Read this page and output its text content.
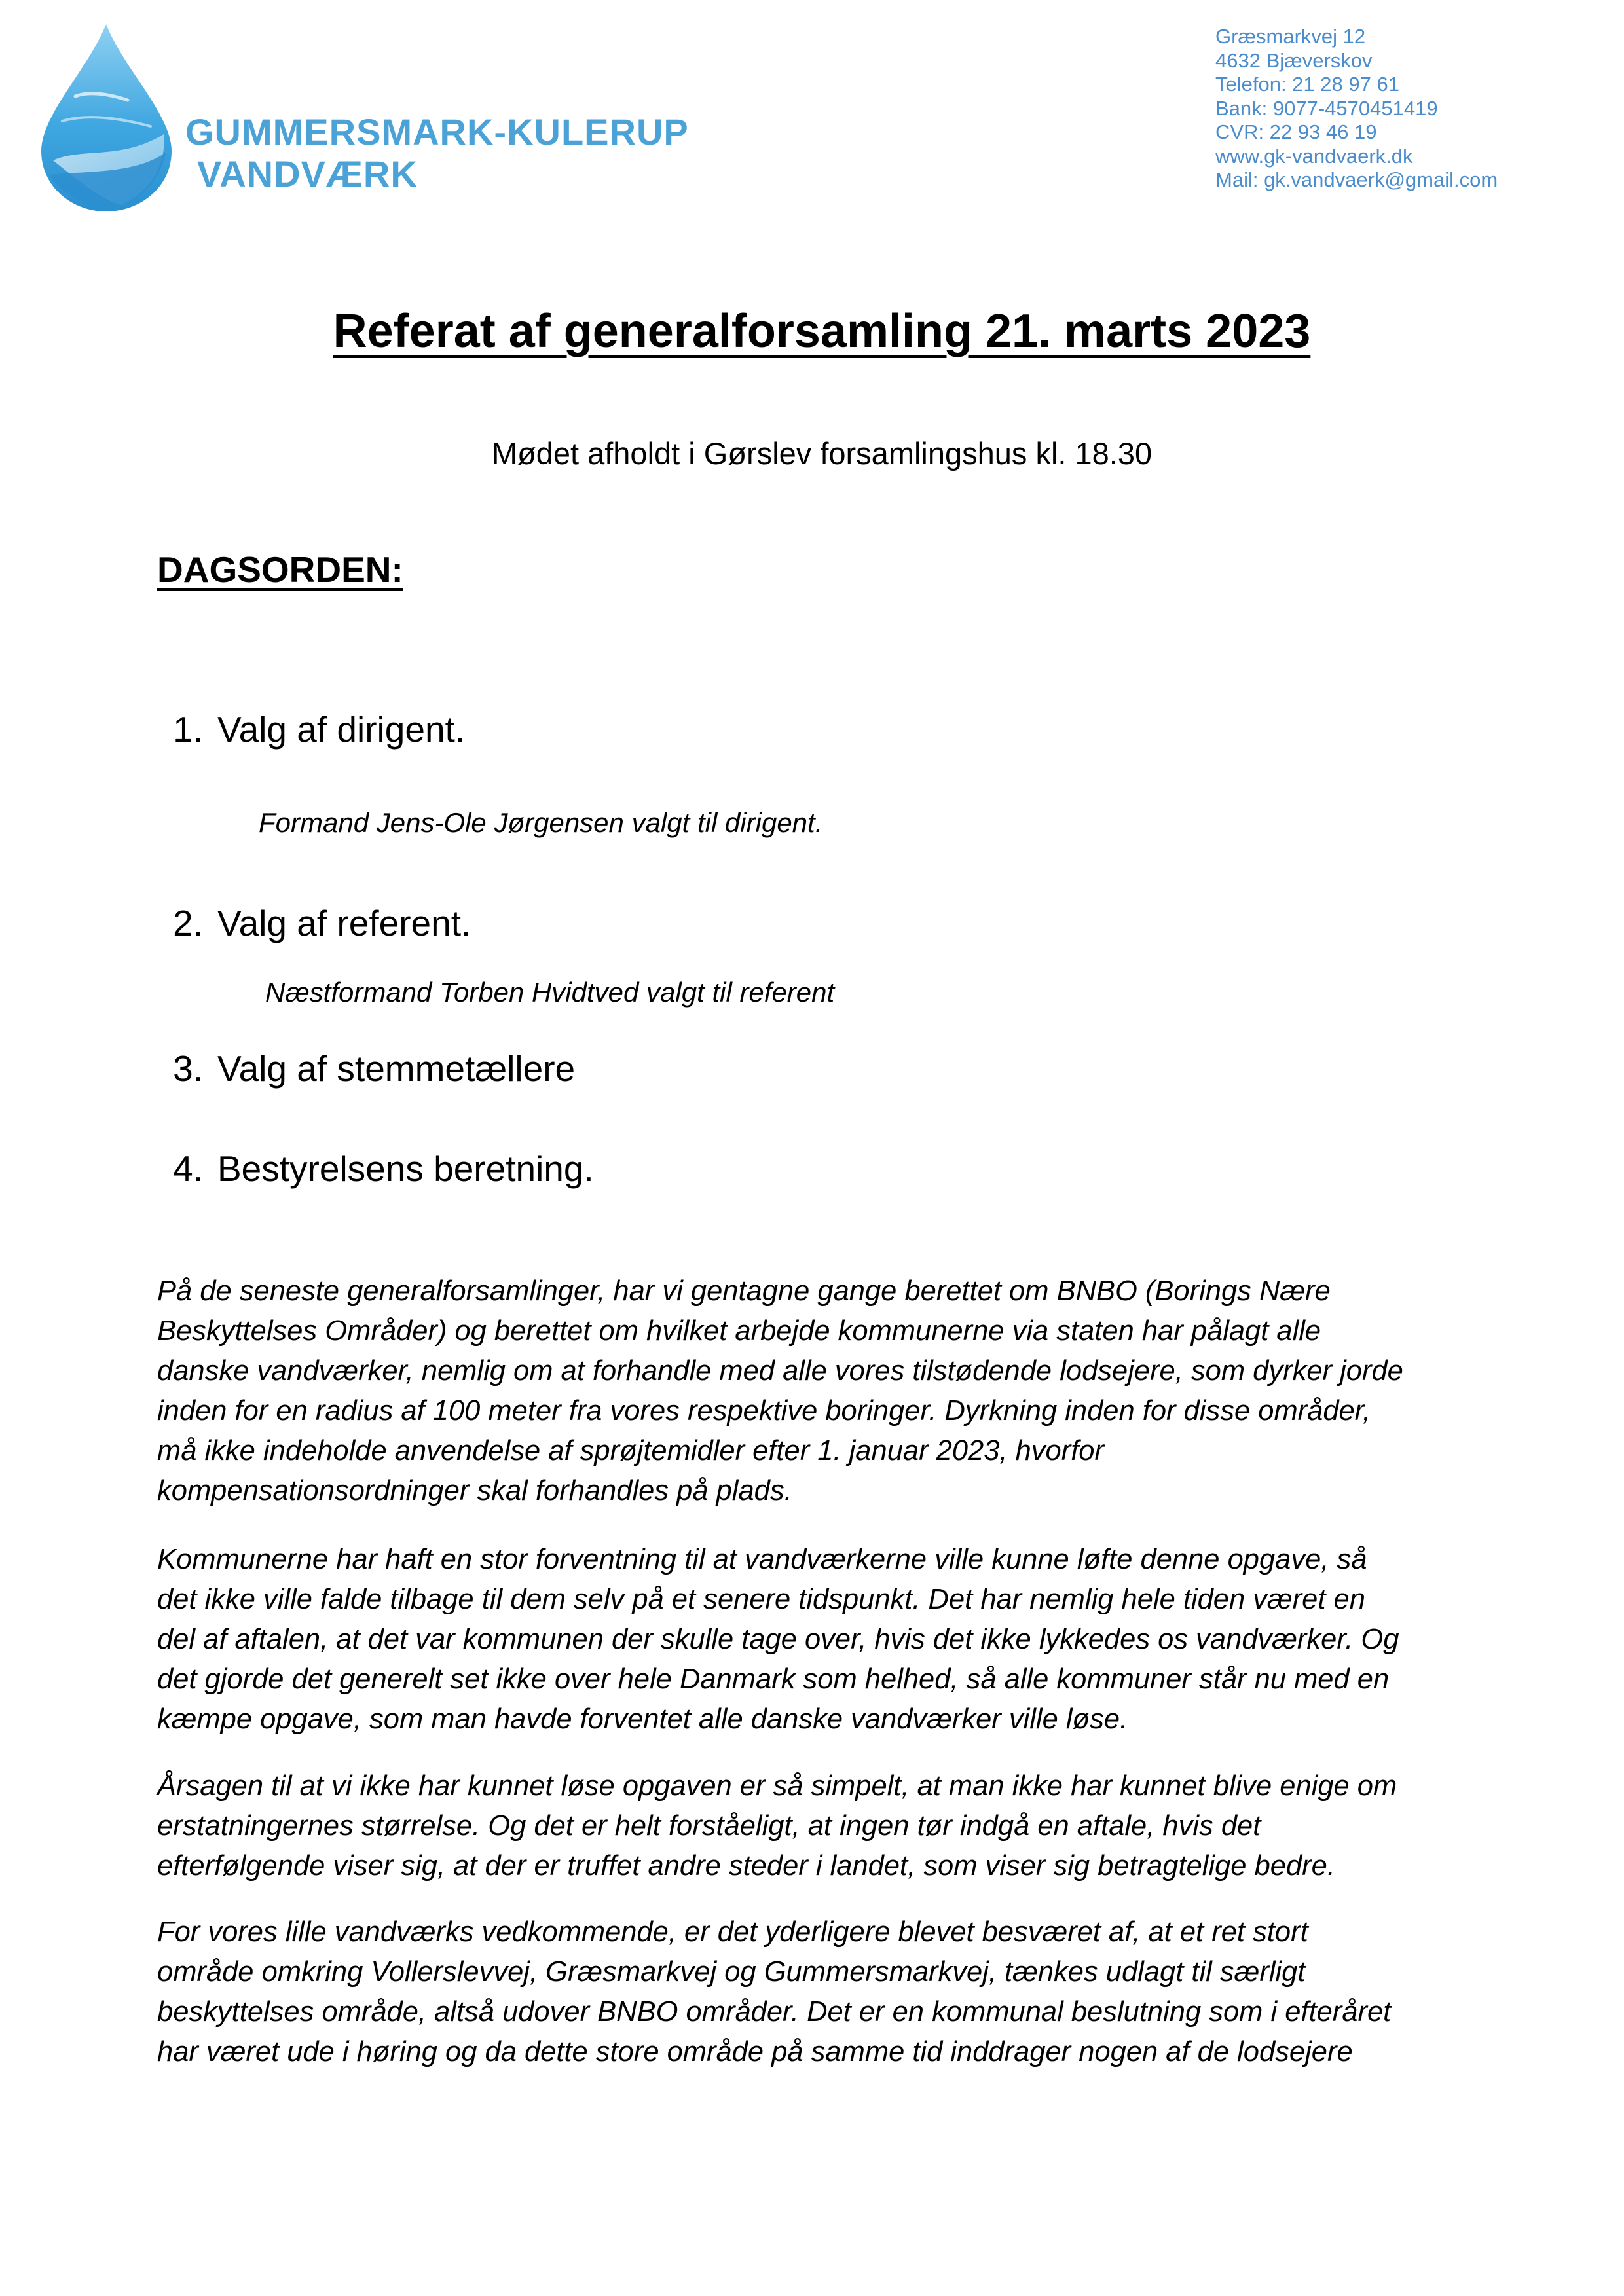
GUMMERSMARK-KULERUP
VANDVÆRK
Græsmarkvej 12
4632 Bjæverskov
Telefon: 21 28 97 61
Bank: 9077-4570451419
CVR: 22 93 46 19
www.gk-vandvaerk.dk
Mail: gk.vandvaerk@gmail.com
Referat af generalforsamling 21. marts 2023
Mødet afholdt i Gørslev forsamlingshus kl. 18.30
DAGSORDEN:
1. Valg af dirigent.
Formand Jens-Ole Jørgensen valgt til dirigent.
2. Valg af referent.
Næstformand Torben Hvidtved valgt til referent
3. Valg af stemmetællere
4. Bestyrelsens beretning.
På de seneste generalforsamlinger, har vi gentagne gange berettet om BNBO (Borings Nære
Beskyttelses Områder) og berettet om hvilket arbejde kommunerne via staten har pålagt alle
danske vandværker, nemlig om at forhandle med alle vores tilstødende lodsejere, som dyrker jorde
inden for en radius af 100 meter fra vores respektive boringer. Dyrkning inden for disse områder,
må ikke indeholde anvendelse af sprøjtemidler efter 1. januar 2023, hvorfor
kompensationsordninger skal forhandles på plads.
Kommunerne har haft en stor forventning til at vandværkerne ville kunne løfte denne opgave, så
det ikke ville falde tilbage til dem selv på et senere tidspunkt. Det har nemlig hele tiden været en
del af aftalen, at det var kommunen der skulle tage over, hvis det ikke lykkedes os vandværker. Og
det gjorde det generelt set ikke over hele Danmark som helhed, så alle kommuner står nu med en
kæmpe opgave, som man havde forventet alle danske vandværker ville løse.
Årsagen til at vi ikke har kunnet løse opgaven er så simpelt, at man ikke har kunnet blive enige om
erstatningernes størrelse. Og det er helt forståeligt, at ingen tør indgå en aftale, hvis det
efterfølgende viser sig, at der er truffet andre steder i landet, som viser sig betragtelige bedre.
For vores lille vandværks vedkommende, er det yderligere blevet besværet af, at et ret stort
område omkring Vollerslevvej, Græsmarkvej og Gummersmarkvej, tænkes udlagt til særligt
beskyttelses område, altså udover BNBO områder. Det er en kommunal beslutning som i efteråret
har været ude i høring og da dette store område på samme tid inddrager nogen af de lodsejere
